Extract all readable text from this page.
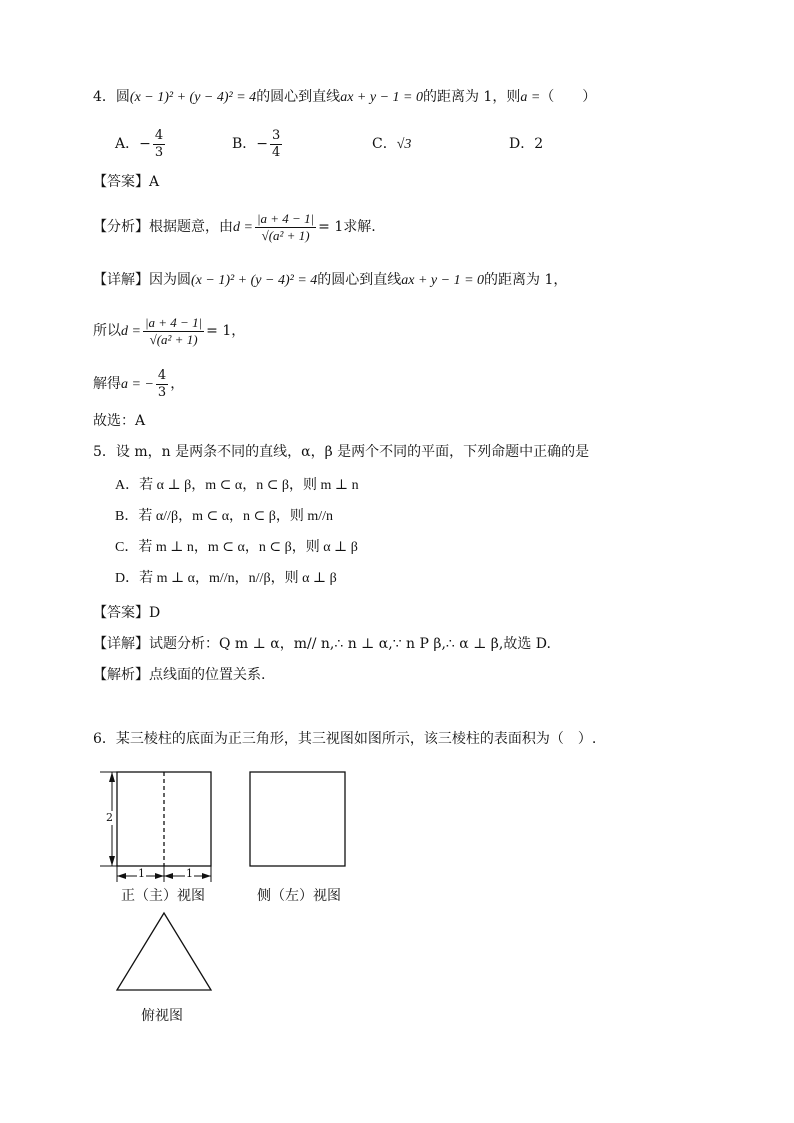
4．圆(x − 1)² + (y − 4)² = 4的圆心到直线ax + y − 1 = 0的距离为 1，则a =（　　）
A．− $\frac{4}{3}$	B．− $\frac{3}{4}$	C．√3	D．2
【答案】A
【分析】根据题意，由$d = \frac{|a + 4 - 1|}{\text{√(a² + 1)}} = 1$求解.
【详解】因为圆(x − 1)² + (y − 4)² = 4的圆心到直线ax + y − 1 = 0的距离为 1，
所以$d = \frac{|a + 4 - 1|}{\text{√(a² + 1)}} = 1$，
解得a = − $\frac{4}{3}$ ，
故选：A
5．设 m，n 是两条不同的直线，α，β 是两个不同的平面，下列命题中正确的是
A．若 α ⊥ β，m ⊂ α，n ⊂ β，则 m ⊥ n
B．若 α//β，m ⊂ α，n ⊂ β，则 m//n
C．若 m ⊥ n，m ⊂ α，n ⊂ β，则 α ⊥ β
D．若 m ⊥ α，m//n，n//β，则 α ⊥ β
【答案】D
【详解】试题分析：Q m ⊥ α，m// n,∴ n ⊥ α,∵ n P β,∴ α ⊥ β,故选 D.
【解析】点线面的位置关系.
6．某三棱柱的底面为正三角形，其三视图如图所示，该三棱柱的表面积为（　）.
2
1	1
正（主）视图	侧（左）视图
俯视图
